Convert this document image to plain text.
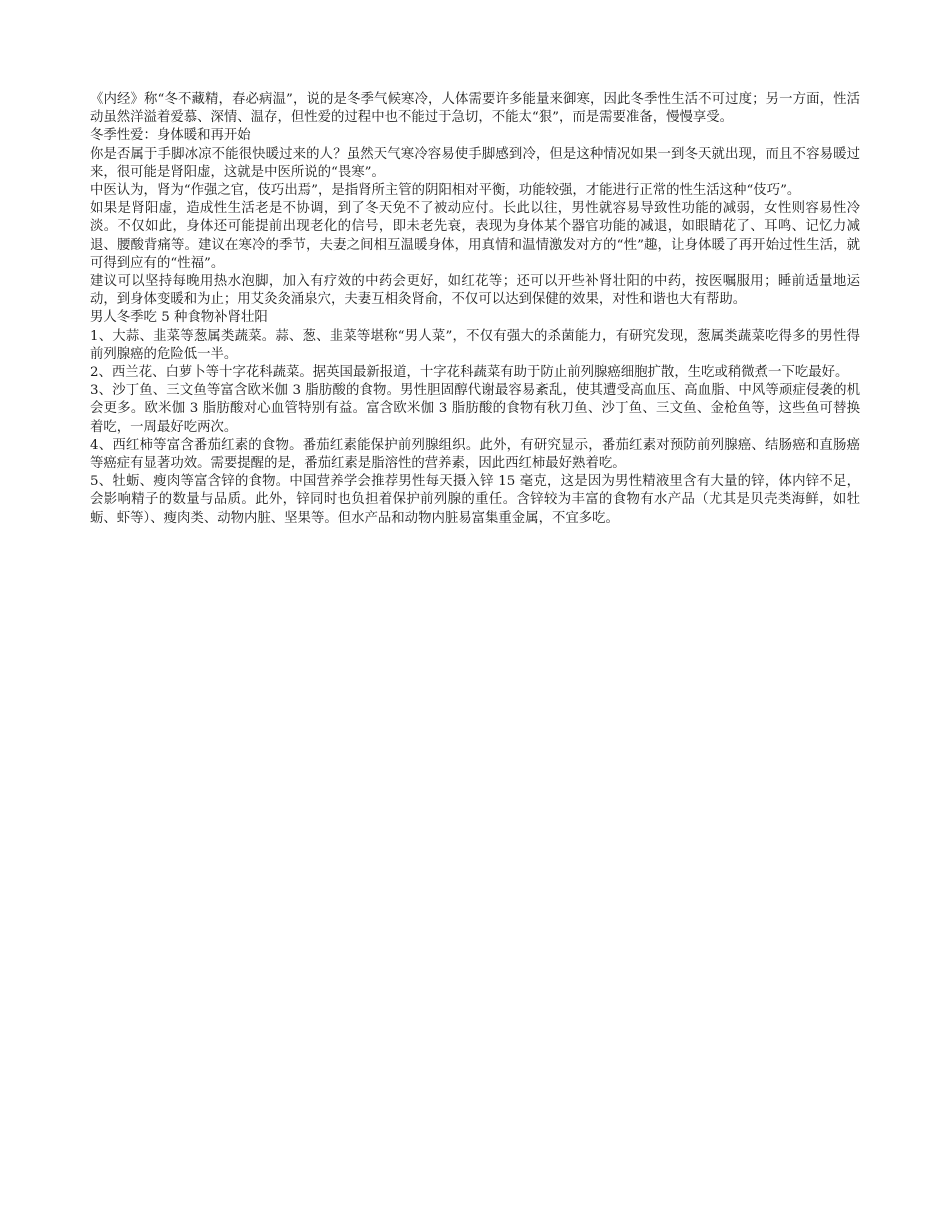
《内经》称“冬不藏精，春必病温”，说的是冬季气候寒冷，人体需要许多能量来御寒，因此冬季性生活不可过度；另一方面，性活动虽然洋溢着爱慕、深情、温存，但性爱的过程中也不能过于急切，不能太“狠”，而是需要准备，慢慢享受。

冬季性爱：身体暖和再开始

你是否属于手脚冰凉不能很快暖过来的人？虽然天气寒冷容易使手脚感到冷，但是这种情况如果一到冬天就出现，而且不容易暖过来，很可能是肾阳虚，这就是中医所说的“畏寒”。

中医认为，肾为“作强之官，伎巧出焉”，是指肾所主管的阴阳相对平衡，功能较强，才能进行正常的性生活这种“伎巧”。

如果是肾阳虚，造成性生活老是不协调，到了冬天免不了被动应付。长此以往，男性就容易导致性功能的减弱，女性则容易性冷淡。不仅如此，身体还可能提前出现老化的信号，即未老先衰，表现为身体某个器官功能的减退，如眼睛花了、耳鸣、记忆力减退、腰酸背痛等。建议在寒冷的季节，夫妻之间相互温暖身体，用真情和温情激发对方的“性”趣，让身体暖了再开始过性生活，就可得到应有的“性福”。

建议可以坚持每晚用热水泡脚，加入有疗效的中药会更好，如红花等；还可以开些补肾壮阳的中药，按医嘱服用；睡前适量地运动，到身体变暖和为止；用艾灸灸涌泉穴，夫妻互相灸肾俞，不仅可以达到保健的效果，对性和谐也大有帮助。

男人冬季吃 5 种食物补肾壮阳

1、大蒜、韭菜等葱属类蔬菜。蒜、葱、韭菜等堪称“男人菜”，不仅有强大的杀菌能力，有研究发现，葱属类蔬菜吃得多的男性得前列腺癌的危险低一半。

2、西兰花、白萝卜等十字花科蔬菜。据英国最新报道，十字花科蔬菜有助于防止前列腺癌细胞扩散，生吃或稍微煮一下吃最好。

3、沙丁鱼、三文鱼等富含欧米伽 3 脂肪酸的食物。男性胆固醇代谢最容易紊乱，使其遭受高血压、高血脂、中风等顽症侵袭的机会更多。欧米伽 3 脂肪酸对心血管特别有益。富含欧米伽 3 脂肪酸的食物有秋刀鱼、沙丁鱼、三文鱼、金枪鱼等，这些鱼可替换着吃，一周最好吃两次。

4、西红柿等富含番茄红素的食物。番茄红素能保护前列腺组织。此外，有研究显示，番茄红素对预防前列腺癌、结肠癌和直肠癌等癌症有显著功效。需要提醒的是，番茄红素是脂溶性的营养素，因此西红柿最好熟着吃。

5、牡蛎、瘦肉等富含锌的食物。中国营养学会推荐男性每天摄入锌 15 毫克，这是因为男性精液里含有大量的锌，体内锌不足，会影响精子的数量与品质。此外，锌同时也负担着保护前列腺的重任。含锌较为丰富的食物有水产品（尤其是贝壳类海鲜，如牡蛎、虾等）、瘦肉类、动物内脏、坚果等。但水产品和动物内脏易富集重金属，不宜多吃。
